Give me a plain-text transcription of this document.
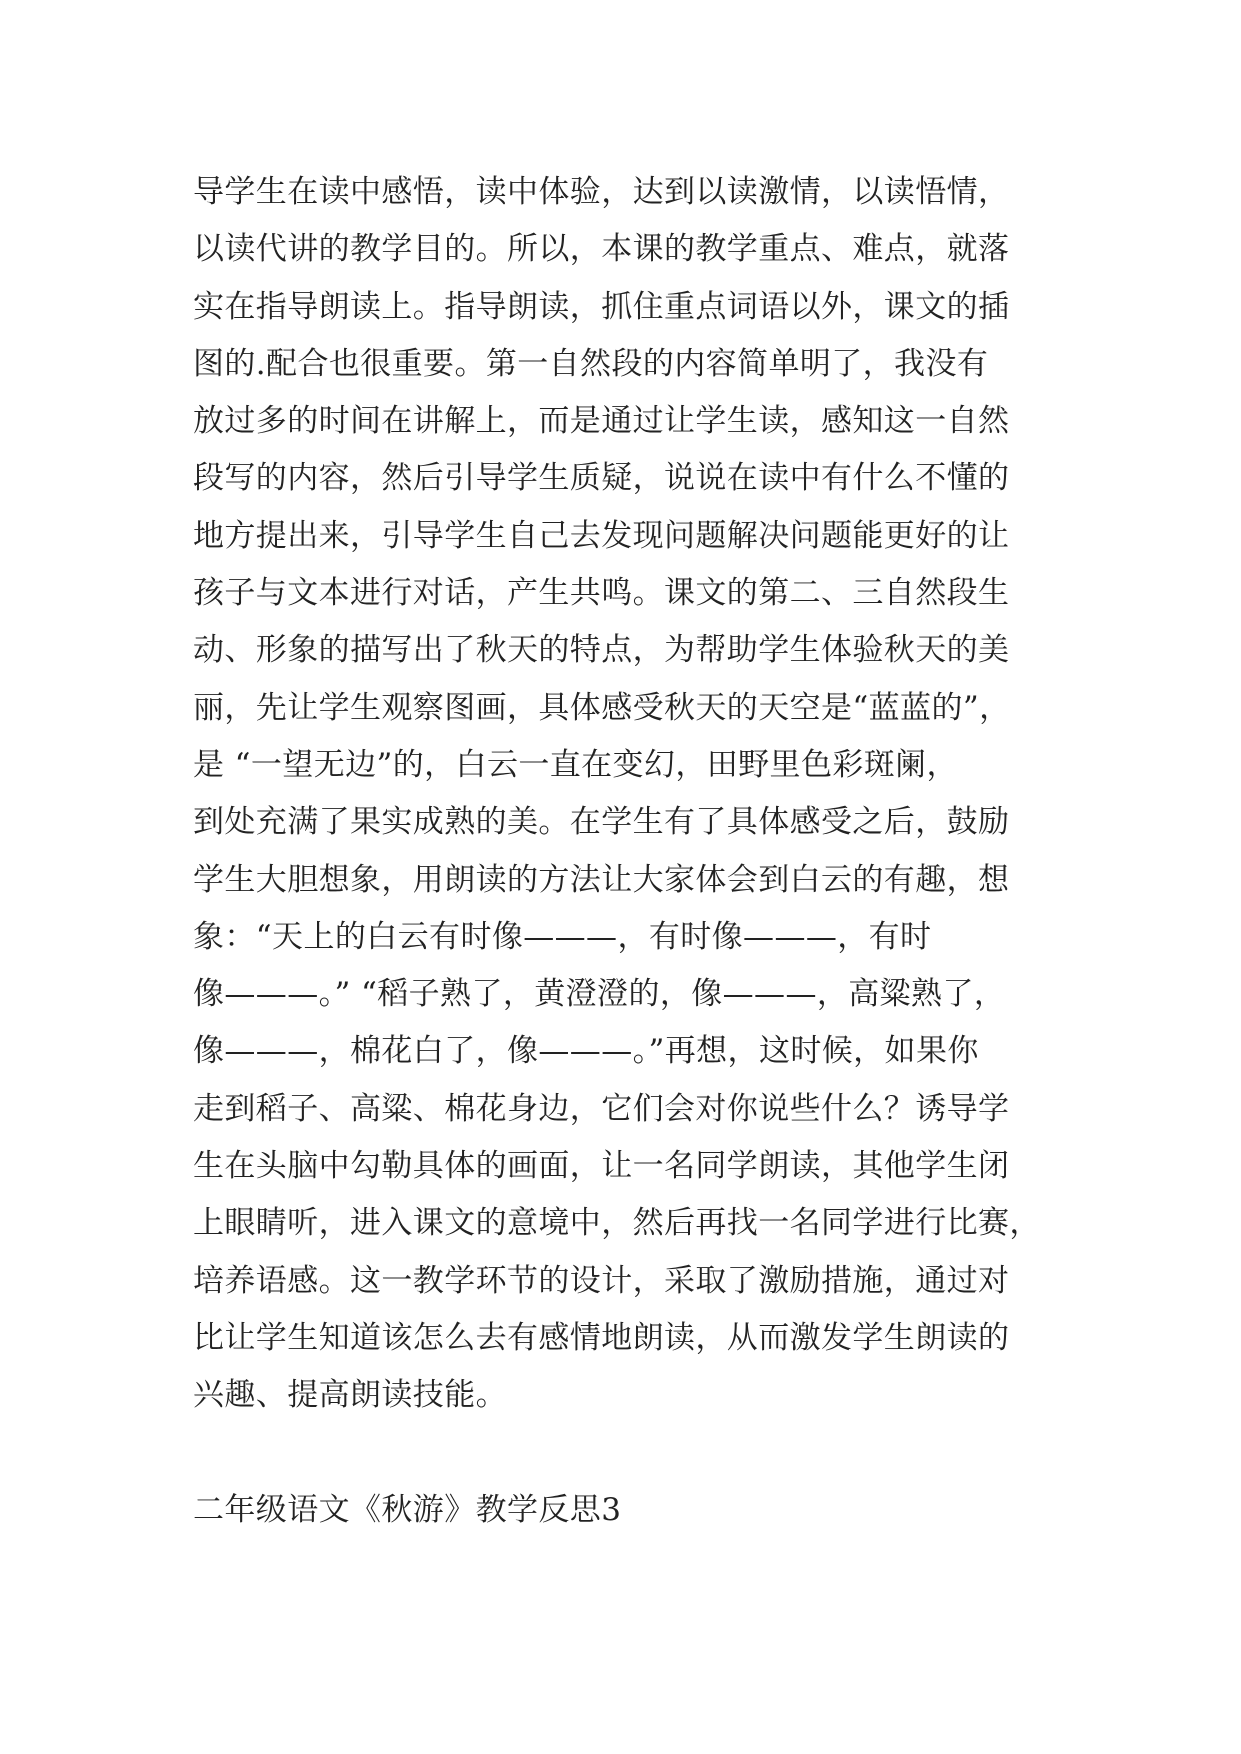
导学生在读中感悟，读中体验，达到以读激情，以读悟情，
以读代讲的教学目的。所以，本课的教学重点、难点，就落
实在指导朗读上。指导朗读，抓住重点词语以外，课文的插
图的.配合也很重要。第一自然段的内容简单明了，我没有
放过多的时间在讲解上，而是通过让学生读，感知这一自然
段写的内容，然后引导学生质疑，说说在读中有什么不懂的
地方提出来，引导学生自己去发现问题解决问题能更好的让
孩子与文本进行对话，产生共鸣。课文的第二、三自然段生
动、形象的描写出了秋天的特点，为帮助学生体验秋天的美
丽，先让学生观察图画，具体感受秋天的天空是“蓝蓝的”，
是 “一望无边”的，白云一直在变幻，田野里色彩斑阑，
到处充满了果实成熟的美。在学生有了具体感受之后，鼓励
学生大胆想象，用朗读的方法让大家体会到白云的有趣，想
象：“天上的白云有时像———，有时像———，有时
像———。” “稻子熟了，黄澄澄的，像———，高粱熟了，
像———，棉花白了，像———。”再想，这时候，如果你
走到稻子、高粱、棉花身边，它们会对你说些什么？诱导学
生在头脑中勾勒具体的画面，让一名同学朗读，其他学生闭
上眼睛听，进入课文的意境中，然后再找一名同学进行比赛，
培养语感。这一教学环节的设计，采取了激励措施，通过对
比让学生知道该怎么去有感情地朗读，从而激发学生朗读的
兴趣、提高朗读技能。
二年级语文《秋游》教学反思3
